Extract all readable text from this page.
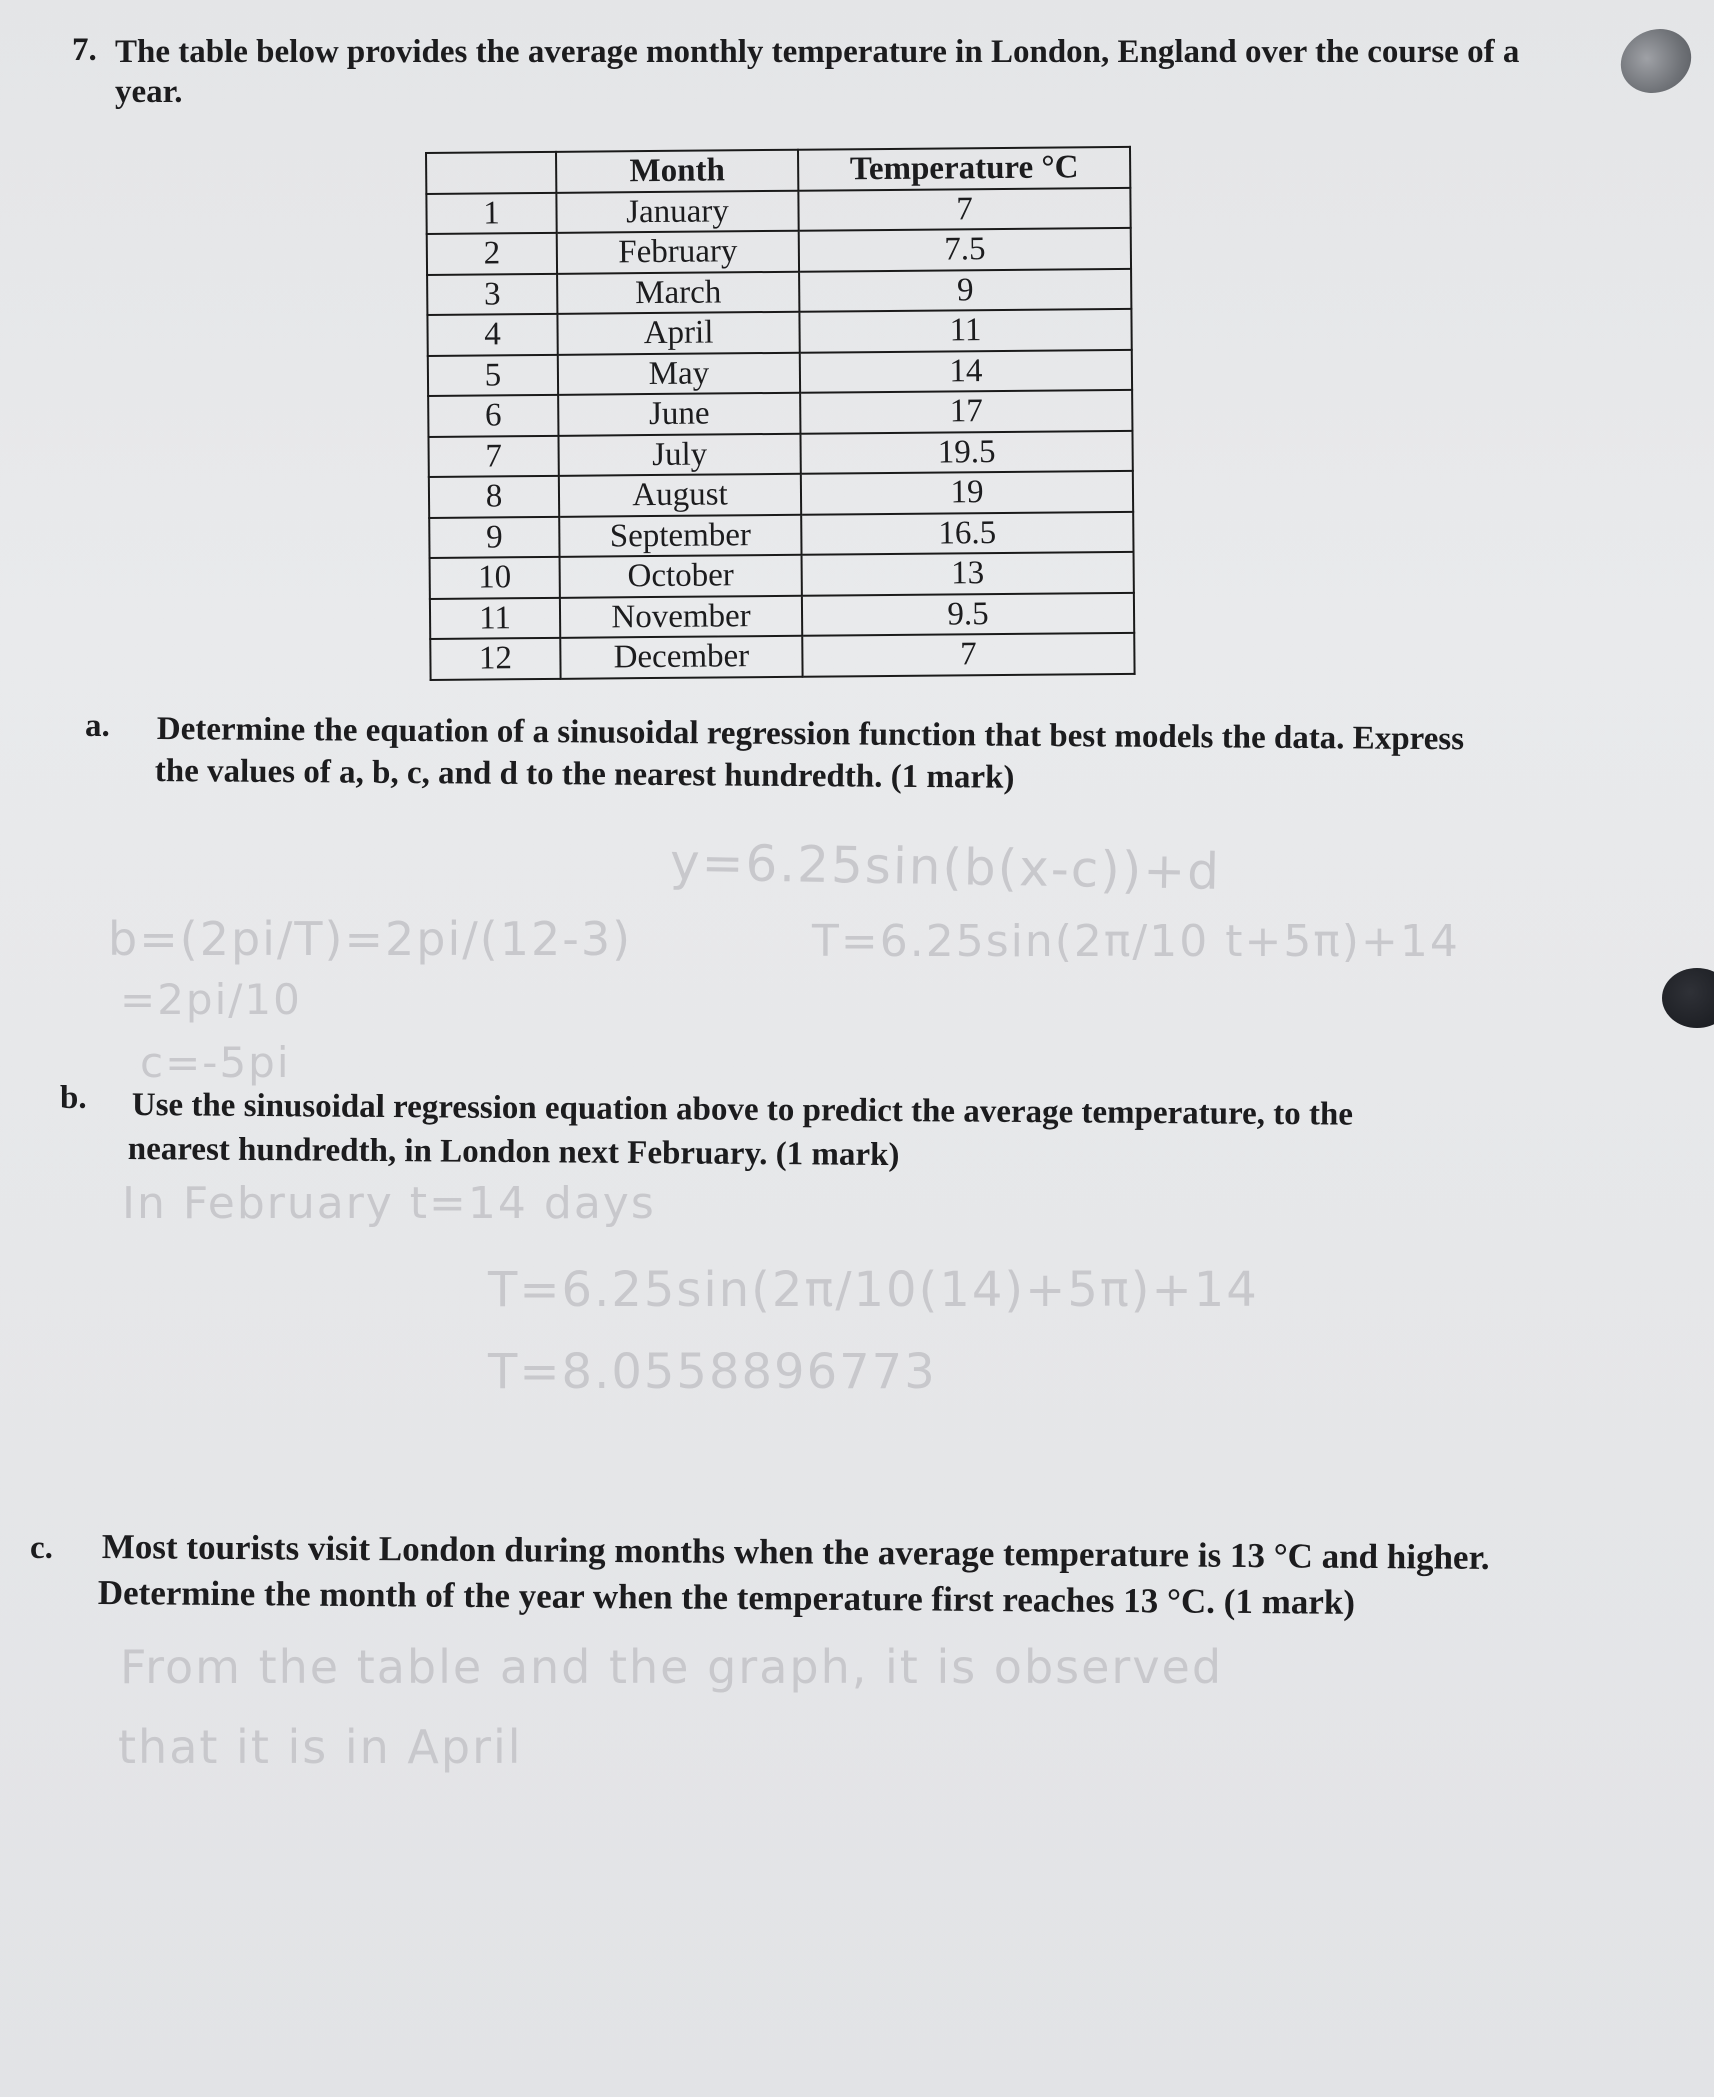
7. The table below provides the average monthly temperature in London, England over the course of a year.
	Month	Temperature °C
1	January	7
2	February	7.5
3	March	9
4	April	11
5	May	14
6	June	17
7	July	19.5
8	August	19
9	September	16.5
10	October	13
11	November	9.5
12	December	7
a. Determine the equation of a sinusoidal regression function that best models the data. Express
the values of a, b, c, and d to the nearest hundredth. (1 mark)
y=6.25sin(b(x-c))+d
b=(2pi/T)=2pi/(12-3)	T=6.25sin(2π/10 t+5π)+14
=2pi/10
c=-5pi
b. Use the sinusoidal regression equation above to predict the average temperature, to the
nearest hundredth, in London next February. (1 mark)
In February t=14 days
T=6.25sin(2π/10(14)+5π)+14
T=8.0558896773
c. Most tourists visit London during months when the average temperature is 13 °C and higher.
Determine the month of the year when the temperature first reaches 13 °C. (1 mark)
From the table and the graph, it is observed
that it is in April
